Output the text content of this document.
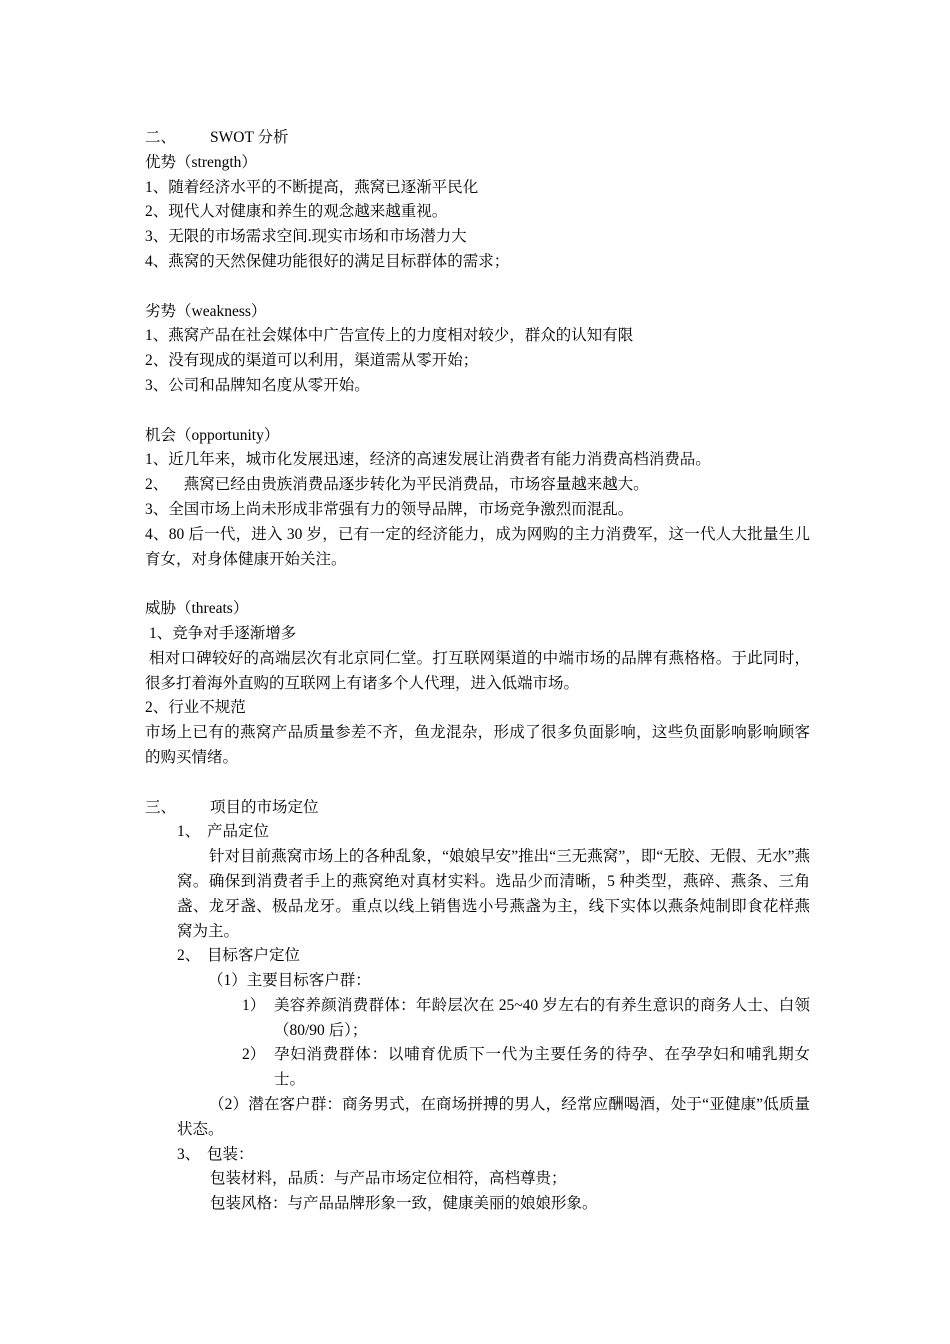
二、 SWOT 分析
优势（strength）
1、随着经济水平的不断提高，燕窝已逐渐平民化
2、现代人对健康和养生的观念越来越重视。
3、无限的市场需求空间.现实市场和市场潜力大
4、燕窝的天然保健功能很好的满足目标群体的需求；
劣势（weakness）
1、燕窝产品在社会媒体中广告宣传上的力度相对较少，群众的认知有限
2、没有现成的渠道可以利用，渠道需从零开始；
3、公司和品牌知名度从零开始。
机会（opportunity）
1、近几年来，城市化发展迅速，经济的高速发展让消费者有能力消费高档消费品。
2、    燕窝已经由贵族消费品逐步转化为平民消费品，市场容量越来越大。
3、全国市场上尚未形成非常强有力的领导品牌，市场竞争激烈而混乱。
4、80 后一代，进入 30 岁，已有一定的经济能力，成为网购的主力消费军，这一代人大批量生儿育女，对身体健康开始关注。
威胁（threats）
1、竞争对手逐渐增多
相对口碑较好的高端层次有北京同仁堂。打互联网渠道的中端市场的品牌有燕格格。于此同时，很多打着海外直购的互联网上有诸多个人代理，进入低端市场。
2、行业不规范
市场上已有的燕窝产品质量参差不齐，鱼龙混杂，形成了很多负面影响，这些负面影响影响顾客的购买情绪。
三、 项目的市场定位
1、 产品定位
针对目前燕窝市场上的各种乱象，“娘娘早安”推出“三无燕窝”，即“无胶、无假、无水”燕窝。确保到消费者手上的燕窝绝对真材实料。选品少而清晰，5 种类型，燕碎、燕条、三角盏、龙牙盏、极品龙牙。重点以线上销售选小号燕盏为主，线下实体以燕条炖制即食花样燕窝为主。
2、 目标客户定位
（1）主要目标客户群：
1） 美容养颜消费群体：年龄层次在 25~40 岁左右的有养生意识的商务人士、白领（80/90 后）；
2） 孕妇消费群体：以哺育优质下一代为主要任务的待孕、在孕孕妇和哺乳期女士。
（2）潜在客户群：商务男式，在商场拼搏的男人，经常应酬喝酒，处于“亚健康”低质量状态。
3、 包装：
包装材料，品质：与产品市场定位相符，高档尊贵；
包装风格：与产品品牌形象一致，健康美丽的娘娘形象。
